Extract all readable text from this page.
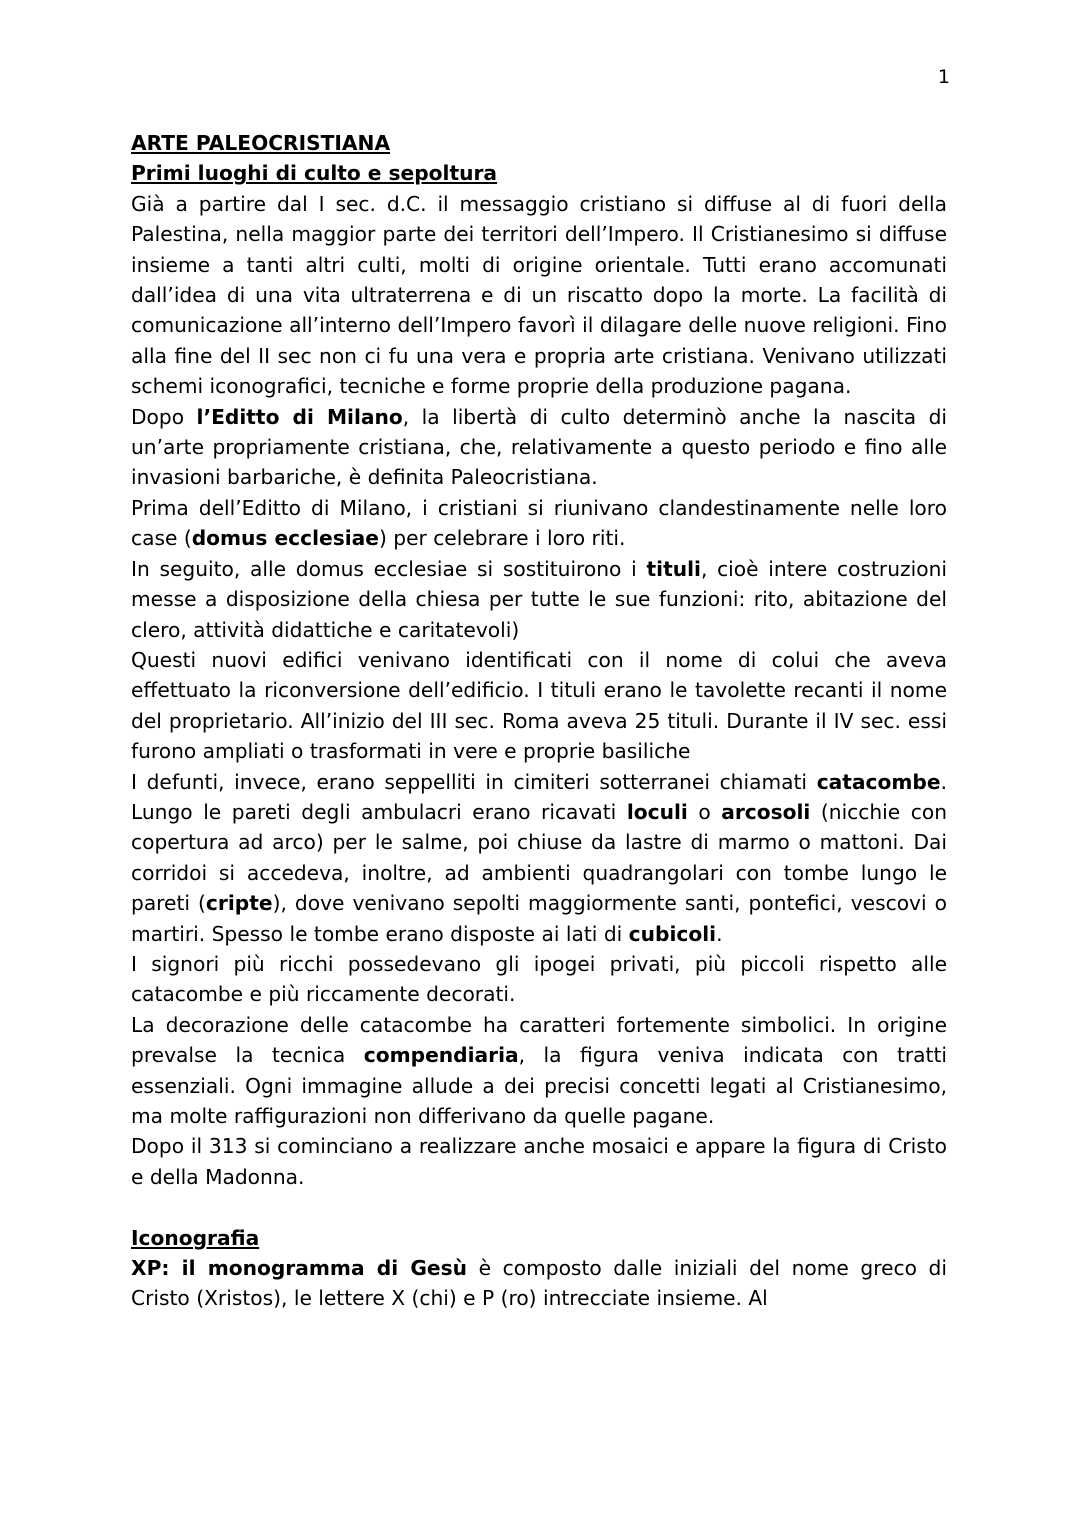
1

ARTE PALEOCRISTIANA

Primi luoghi di culto e sepoltura

Già a partire dal I sec. d.C. il messaggio cristiano si diffuse al di fuori della Palestina, nella maggior parte dei territori dell’Impero. Il Cristianesimo si diffuse insieme a tanti altri culti, molti di origine orientale. Tutti erano accomunati dall’idea di una vita ultraterrena e di un riscatto dopo la morte. La facilità di comunicazione all’interno dell’Impero favorì il dilagare delle nuove religioni. Fino alla fine del II sec non ci fu una vera e propria arte cristiana. Venivano utilizzati schemi iconografici, tecniche e forme proprie della produzione pagana.

Dopo l’Editto di Milano, la libertà di culto determinò anche la nascita di un’arte propriamente cristiana, che, relativamente a questo periodo e fino alle invasioni barbariche, è definita Paleocristiana.

Prima dell’Editto di Milano, i cristiani si riunivano clandestinamente nelle loro case (domus ecclesiae) per celebrare i loro riti.

In seguito, alle domus ecclesiae si sostituirono i tituli, cioè intere costruzioni messe a disposizione della chiesa per tutte le sue funzioni: rito, abitazione del clero, attività didattiche e caritatevoli)

Questi nuovi edifici venivano identificati con il nome di colui che aveva effettuato la riconversione dell’edificio. I tituli erano le tavolette recanti il nome del proprietario. All’inizio del III sec. Roma aveva 25 tituli. Durante il IV sec. essi furono ampliati o trasformati in vere e proprie basiliche

I defunti, invece, erano seppelliti in cimiteri sotterranei chiamati catacombe. Lungo le pareti degli ambulacri erano ricavati loculi o arcosoli (nicchie con copertura ad arco) per le salme, poi chiuse da lastre di marmo o mattoni. Dai corridoi si accedeva, inoltre, ad ambienti quadrangolari con tombe lungo le pareti (cripte), dove venivano sepolti maggiormente santi, pontefici, vescovi o martiri. Spesso le tombe erano disposte ai lati di cubicoli.

I signori più ricchi possedevano gli ipogei privati, più piccoli rispetto alle catacombe e più riccamente decorati.

La decorazione delle catacombe ha caratteri fortemente simbolici. In origine prevalse la tecnica compendiaria, la figura veniva indicata con tratti essenziali. Ogni immagine allude a dei precisi concetti legati al Cristianesimo, ma molte raffigurazioni non differivano da quelle pagane.

Dopo il 313 si cominciano a realizzare anche mosaici e appare la figura di Cristo e della Madonna.

Iconografia

XP: il monogramma di Gesù è composto dalle iniziali del nome greco di Cristo (Xristos), le lettere X (chi) e P (ro) intrecciate insieme. Al
